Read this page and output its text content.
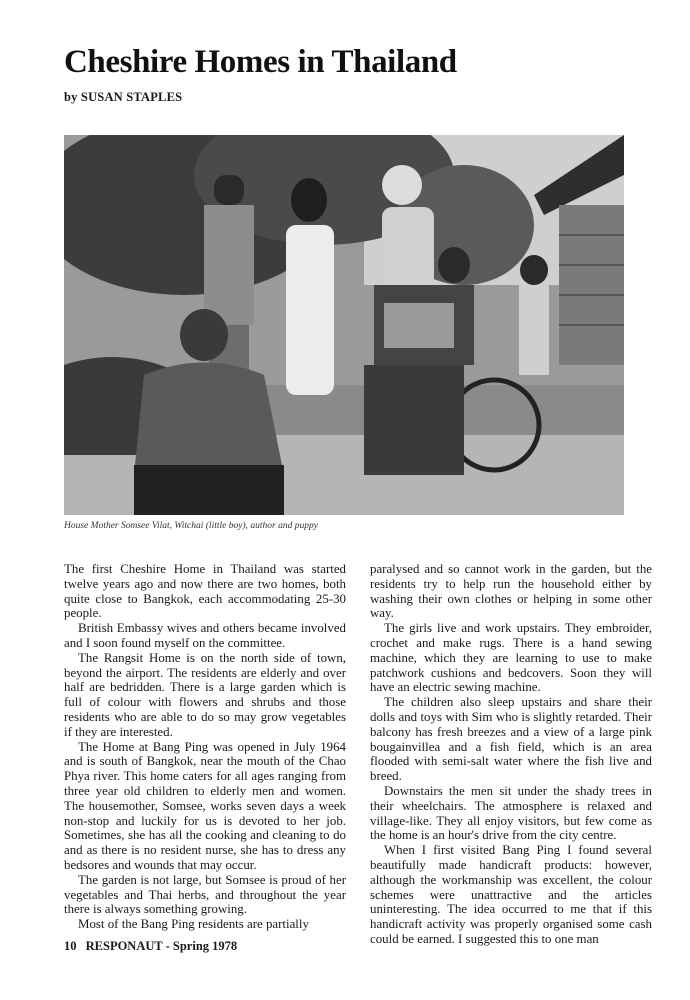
Cheshire Homes in Thailand
by SUSAN STAPLES
House Mother Somsee Vilat, Witchai (little boy), author and puppy

The first Cheshire Home in Thailand was started twelve years ago and now there are two homes, both quite close to Bangkok, each accommodating 25-30 people.

British Embassy wives and others became involved and I soon found myself on the committee.

The Rangsit Home is on the north side of town, beyond the airport. The residents are elderly and over half are bedridden. There is a large garden which is full of colour with flowers and shrubs and those residents who are able to do so may grow vegetables if they are interested.

The Home at Bang Ping was opened in July 1964 and is south of Bangkok, near the mouth of the Chao Phya river. This home caters for all ages ranging from three year old children to elderly men and women. The housemother, Somsee, works seven days a week non-stop and luckily for us is devoted to her job. Sometimes, she has all the cooking and cleaning to do and as there is no resident nurse, she has to dress any bedsores and wounds that may occur.

The garden is not large, but Somsee is proud of her vegetables and Thai herbs, and throughout the year there is always something growing.

Most of the Bang Ping residents are partially

paralysed and so cannot work in the garden, but the residents try to help run the household either by washing their own clothes or helping in some other way.

The girls live and work upstairs. They embroider, crochet and make rugs. There is a hand sewing machine, which they are learning to use to make patchwork cushions and bedcovers. Soon they will have an electric sewing machine.

The children also sleep upstairs and share their dolls and toys with Sim who is slightly retarded. Their balcony has fresh breezes and a view of a large pink bougainvillea and a fish field, which is an area flooded with semi-salt water where the fish live and breed.

Downstairs the men sit under the shady trees in their wheelchairs. The atmosphere is relaxed and village-like. They all enjoy visitors, but few come as the home is an hour's drive from the city centre.

When I first visited Bang Ping I found several beautifully made handicraft products: however, although the workmanship was excellent, the colour schemes were unattractive and the articles uninteresting. The idea occurred to me that if this handicraft activity was properly organised some cash could be earned. I suggested this to one man

10 RESPONAUT - Spring 1978
